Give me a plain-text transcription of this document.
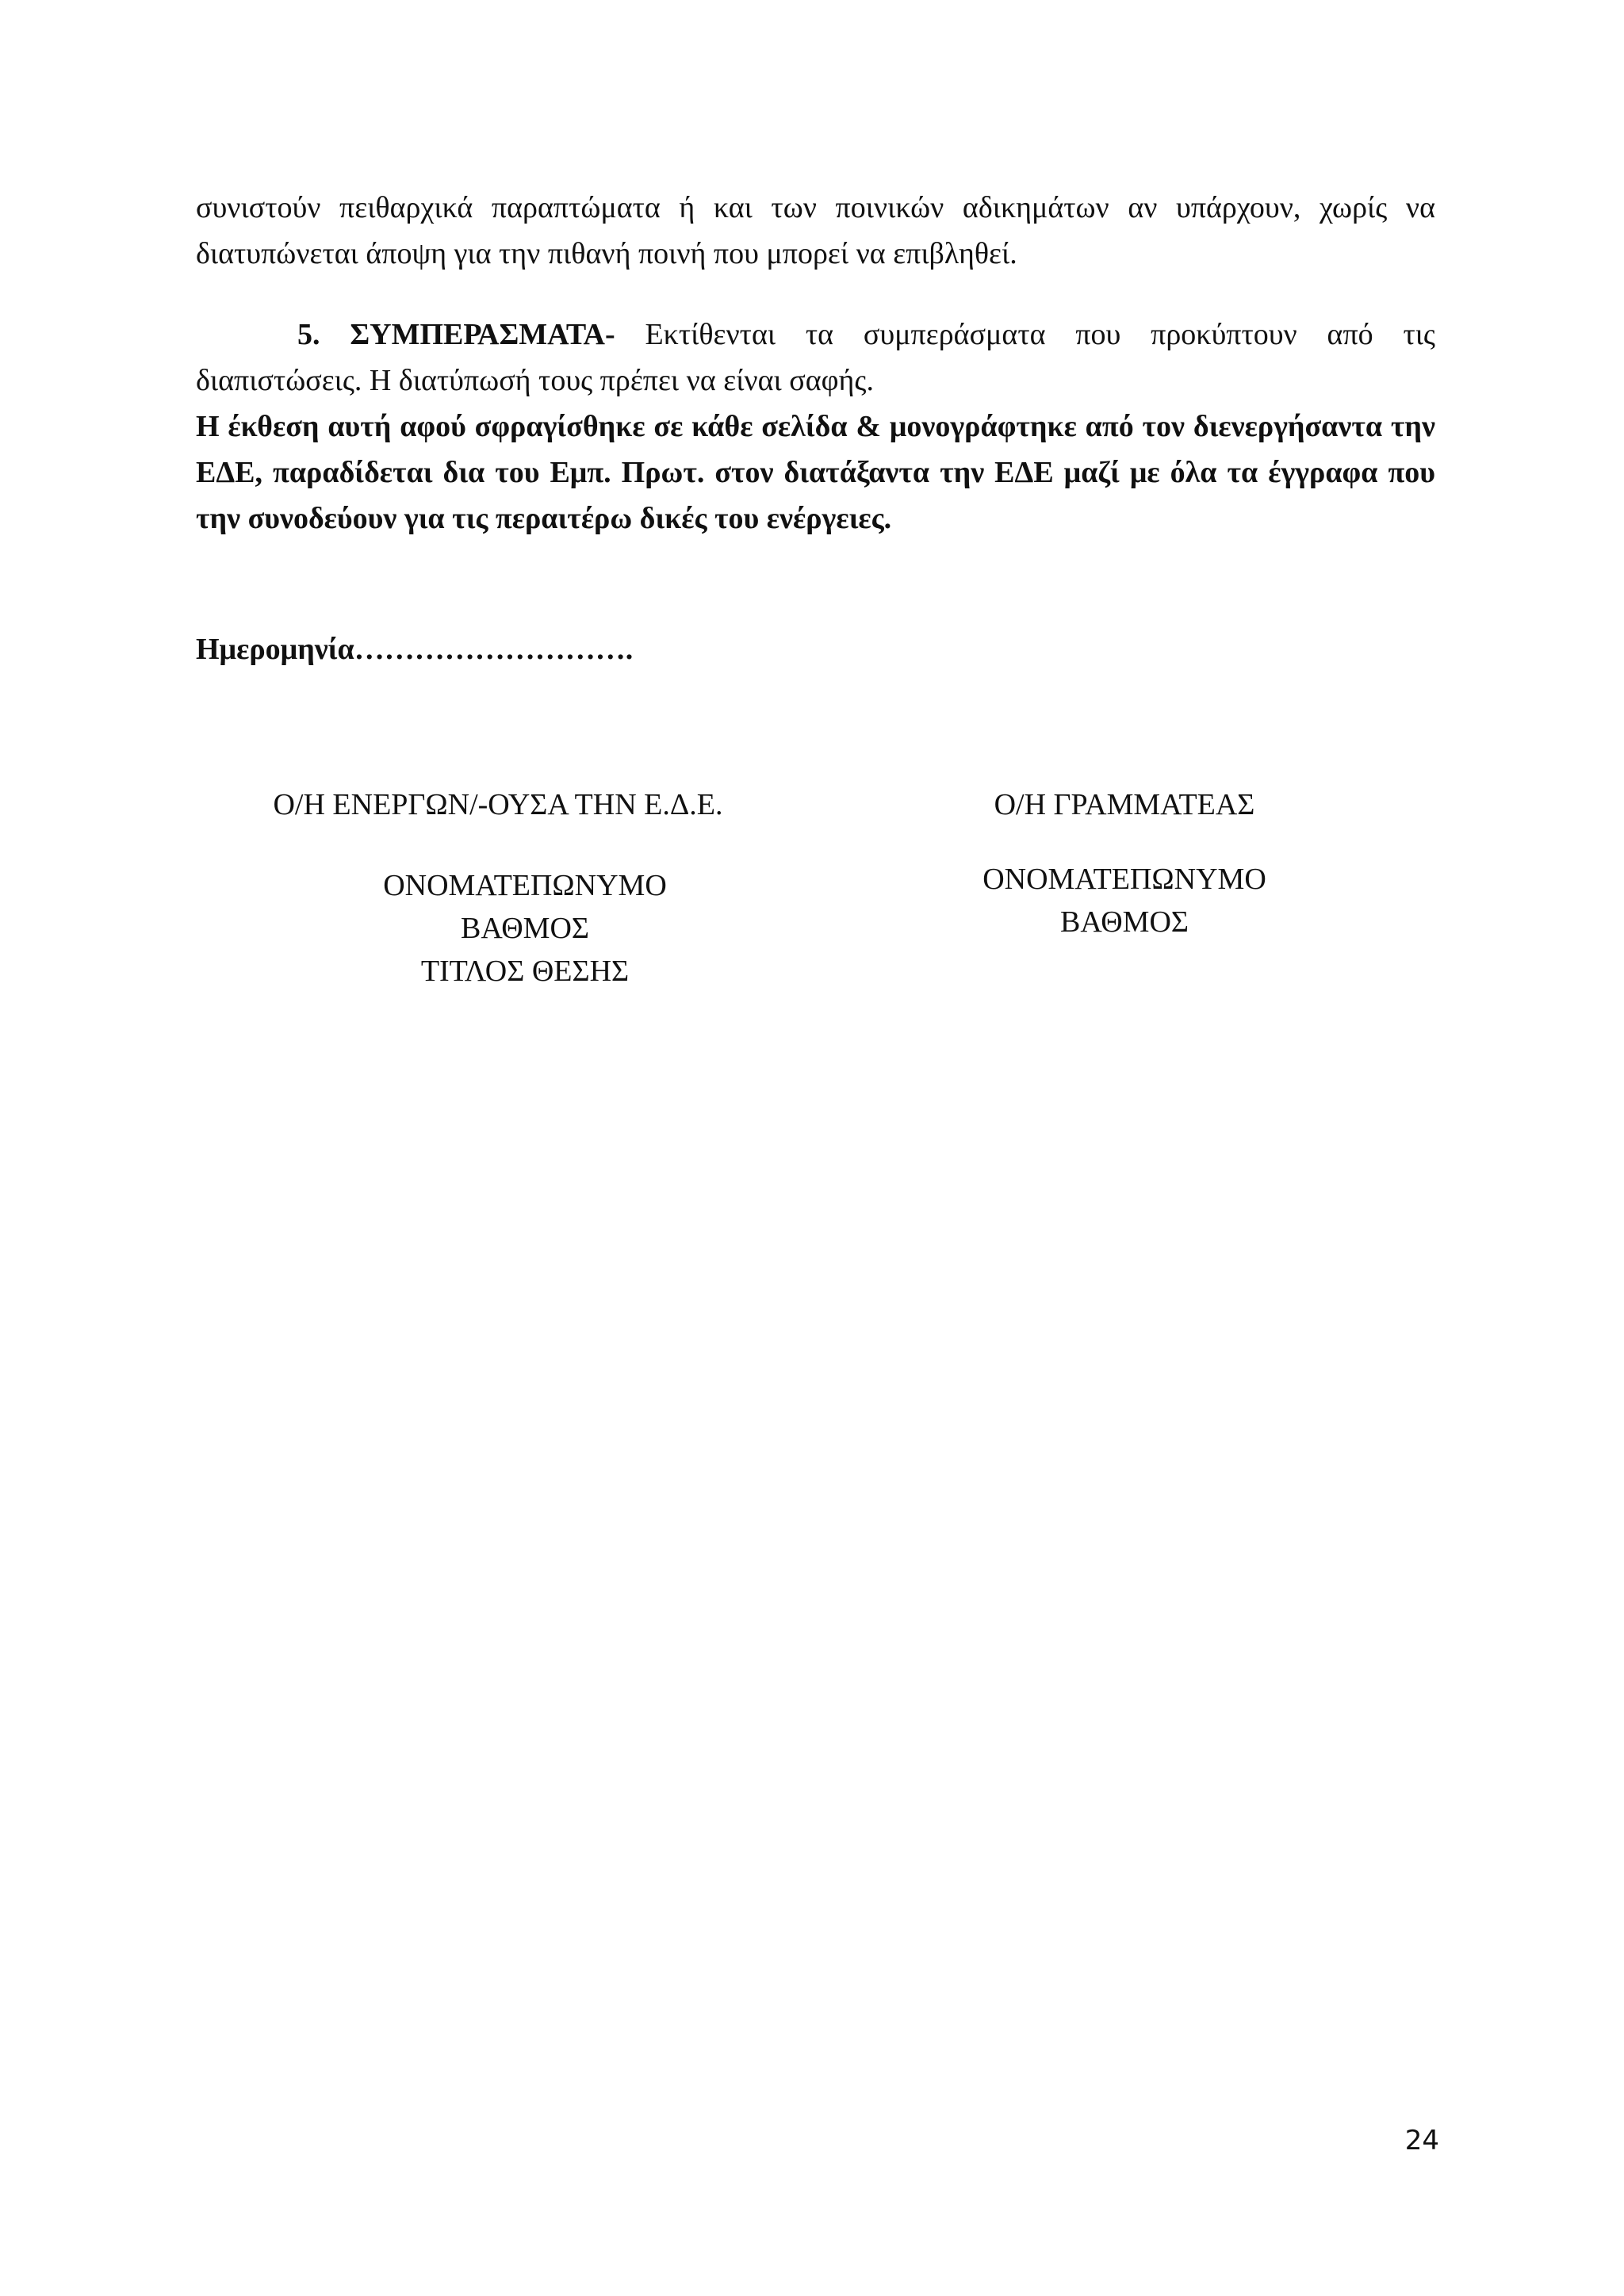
συνιστούν πειθαρχικά παραπτώματα ή και των ποινικών αδικημάτων αν υπάρχουν, χωρίς να

διατυπώνεται άποψη για την πιθανή ποινή που μπορεί να επιβληθεί.

5. ΣΥΜΠΕΡΑΣΜΑΤΑ- Εκτίθενται τα συμπεράσματα που προκύπτουν από τις

διαπιστώσεις. Η διατύπωσή τους πρέπει να είναι σαφής.

Η έκθεση αυτή αφού σφραγίσθηκε σε κάθε σελίδα & μονογράφτηκε από τον διενεργήσαντα την ΕΔΕ, παραδίδεται δια του Εμπ. Πρωτ. στον διατάξαντα την ΕΔΕ μαζί με όλα τα έγγραφα που την συνοδεύουν για τις περαιτέρω δικές του ενέργειες.

Ημερομηνία……………………….

Ο/Η ΕΝΕΡΓΩΝ/-ΟΥΣΑ ΤΗΝ Ε.Δ.Ε.

ΟΝΟΜΑΤΕΠΩΝΥΜΟ

ΒΑΘΜΟΣ

ΤΙΤΛΟΣ ΘΕΣΗΣ

Ο/Η ΓΡΑΜΜΑΤΕΑΣ

ΟΝΟΜΑΤΕΠΩΝΥΜΟ

ΒΑΘΜΟΣ

24
